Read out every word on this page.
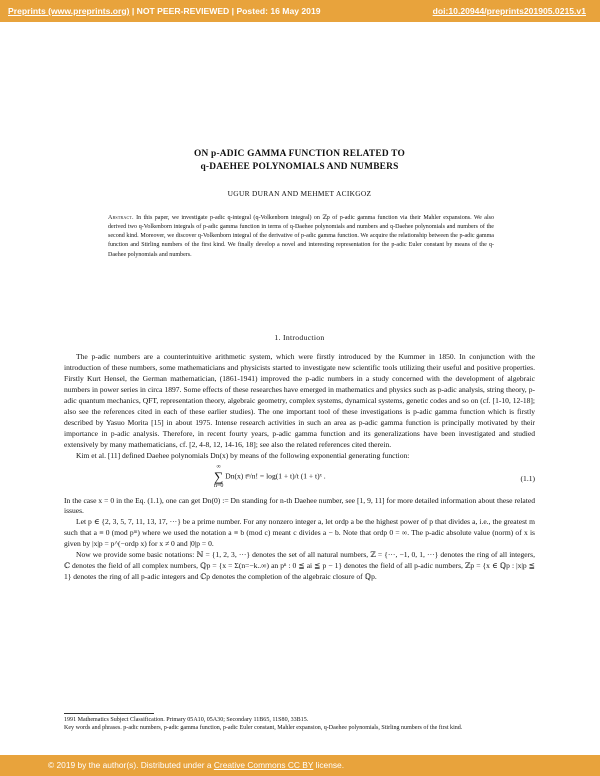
Preprints (www.preprints.org) | NOT PEER-REVIEWED | Posted: 16 May 2019	doi:10.20944/preprints201905.0215.v1
ON p-ADIC GAMMA FUNCTION RELATED TO
q-DAEHEE POLYNOMIALS AND NUMBERS
UGUR DURAN AND MEHMET ACIKGOZ
Abstract. In this paper, we investigate p-adic q-integral (q-Volkenborn integral) on ℤp of p-adic gamma function via their Mahler expansions. We also derived two q-Volkenborn integrals of p-adic gamma function in terms of q-Daehee polynomials and numbers and q-Daehee polynomials and numbers of the second kind. Moreover, we discover q-Volkenborn integral of the derivative of p-adic gamma function. We acquire the relationship between the p-adic gamma function and Stirling numbers of the first kind. We finally develop a novel and interesting representation for the p-adic Euler constant by means of the q-Daehee polynomials and numbers.
1. Introduction

The p-adic numbers are a counterintuitive arithmetic system, which were firstly introduced by the Kummer in 1850. In conjunction with the introduction of these numbers, some mathematicians and physicists started to investigate new scientific tools utilizing their useful and positive properties. Firstly Kurt Hensel, the German mathematician, (1861-1941) improved the p-adic numbers in a study concerned with the development of algebraic numbers in power series in circa 1897. Some effects of these researches have emerged in mathematics and physics such as p-adic analysis, string theory, p-adic quantum mechanics, QFT, representation theory, algebraic geometry, complex systems, dynamical systems, genetic codes and so on (cf. [1-10, 12-18]; also see the references cited in each of these earlier studies). The one important tool of these investigations is p-adic gamma function which is firstly described by Yasuo Morita [15] in about 1975. Intense research activities in such an area as p-adic gamma function is principally motivated by their importance in p-adic analysis. Therefore, in recent fourty years, p-adic gamma function and its generalizations have been investigated and studied extensively by many mathematicians, cf. [2, 4-8, 12, 14-16, 18]; see also the related references cited therein.

Kim et al. [11] defined Daehee polynomials Dn(x) by means of the following exponential generating function:

∞
∑
n=0 Dn(x) tⁿ/n! = log(1 + t)/t (1 + t)ˣ .	(1.1)

In the case x = 0 in the Eq. (1.1), one can get Dn(0) := Dn standing for n-th Daehee number, see [1, 9, 11] for more detailed information about these related issues.

Let p ∈ {2, 3, 5, 7, 11, 13, 17, ···} be a prime number. For any nonzero integer a, let ordp a be the highest power of p that divides a, i.e., the greatest m such that a ≡ 0 (mod pᵐ) where we used the notation a ≡ b (mod c) meant c divides a − b. Note that ordp 0 = ∞. The p-adic absolute value (norm) of x is given by |x|p = p^(−ordp x) for x ≠ 0 and |0|p = 0.

Now we provide some basic notations: ℕ = {1, 2, 3, ···} denotes the set of all natural numbers, ℤ = {···, −1, 0, 1, ···} denotes the ring of all integers, ℂ denotes the field of all complex numbers, ℚp = {x = Σ(n=−k..∞) an pⁿ : 0 ≦ ai ≦ p − 1} denotes the field of all p-adic numbers, ℤp = {x ∈ ℚp : |x|p ≦ 1} denotes the ring of all p-adic integers and ℂp denotes the completion of the algebraic closure of ℚp.

1991 Mathematics Subject Classification. Primary 05A10, 05A30; Secondary 11B65, 11S80, 33B15.
Key words and phrases. p-adic numbers, p-adic gamma function, p-adic Euler constant, Mahler expansion, q-Daehee polynomials, Stirling numbers of the first kind.
© 2019 by the author(s). Distributed under a Creative Commons CC BY license.
